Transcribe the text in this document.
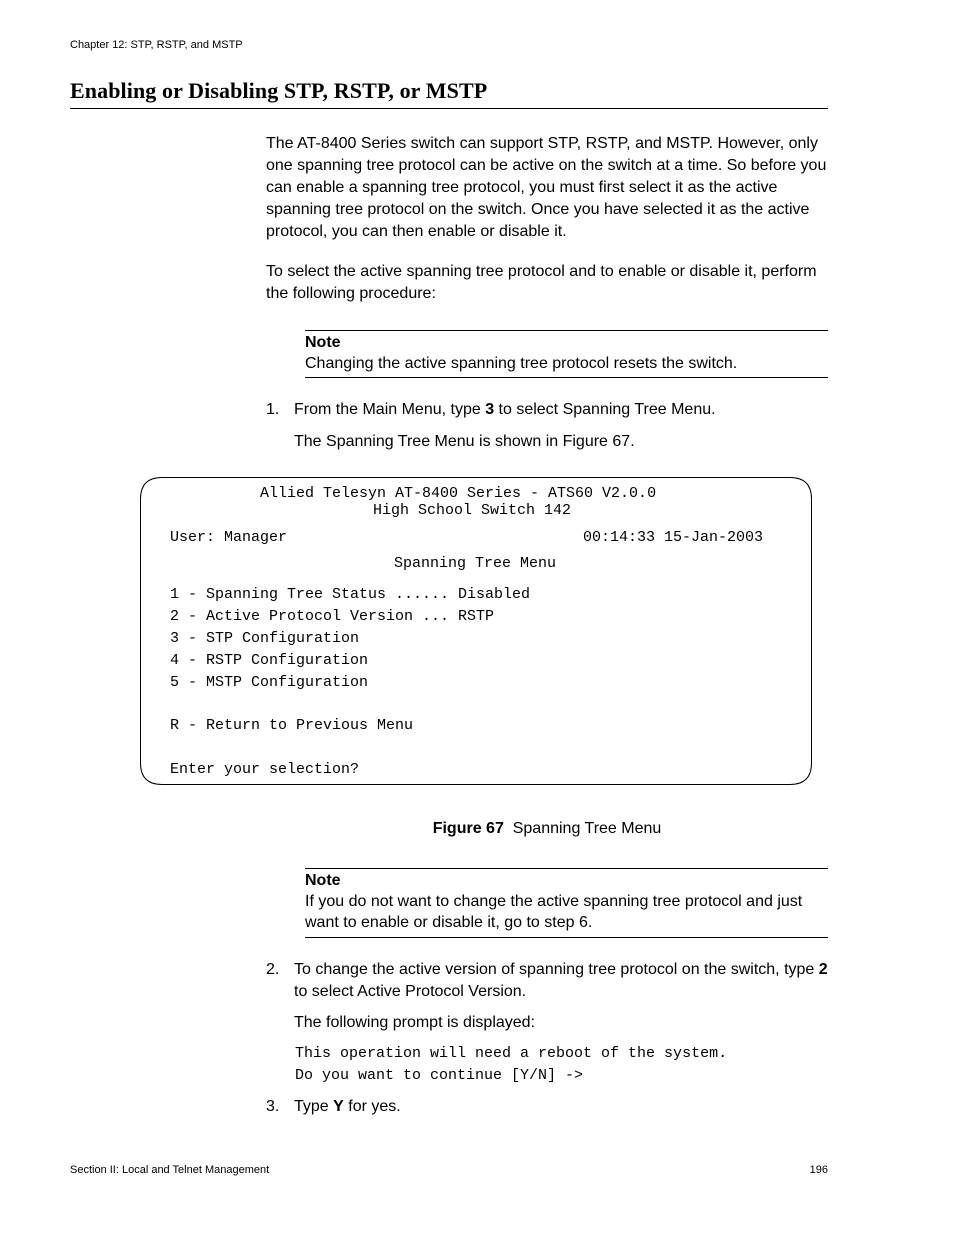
Chapter 12: STP, RSTP, and MSTP
Enabling or Disabling STP, RSTP, or MSTP
The AT-8400 Series switch can support STP, RSTP, and MSTP. However, only one spanning tree protocol can be active on the switch at a time. So before you can enable a spanning tree protocol, you must first select it as the active spanning tree protocol on the switch. Once you have selected it as the active protocol, you can then enable or disable it.
To select the active spanning tree protocol and to enable or disable it, perform the following procedure:
Note
Changing the active spanning tree protocol resets the switch.
1. From the Main Menu, type 3 to select Spanning Tree Menu.
The Spanning Tree Menu is shown in Figure 67.
Allied Telesyn AT-8400 Series - ATS60 V2.0.0
High School Switch 142
User: Manager	00:14:33 15-Jan-2003
Spanning Tree Menu
1 - Spanning Tree Status ...... Disabled
2 - Active Protocol Version ... RSTP
3 - STP Configuration
4 - RSTP Configuration
5 - MSTP Configuration
R - Return to Previous Menu
Enter your selection?
Figure 67 Spanning Tree Menu
Note
If you do not want to change the active spanning tree protocol and just want to enable or disable it, go to step 6.
2. To change the active version of spanning tree protocol on the switch, type 2 to select Active Protocol Version.
The following prompt is displayed:
This operation will need a reboot of the system.
Do you want to continue [Y/N] ->
3. Type Y for yes.
Section II: Local and Telnet Management	196
